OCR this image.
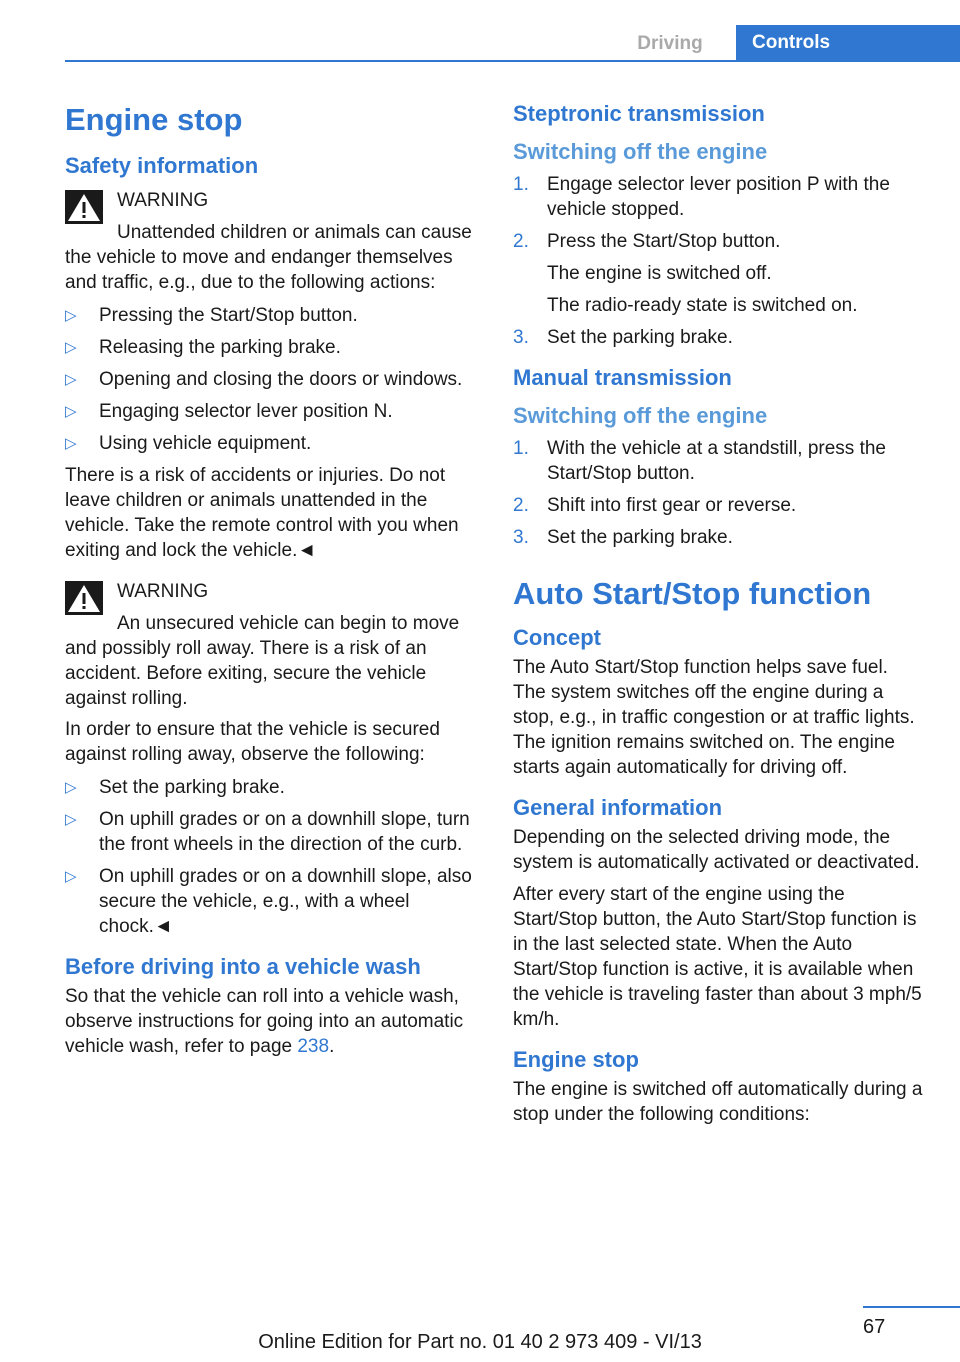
Driving	Controls
Engine stop
Safety information

WARNING

Unattended children or animals can cause the vehicle to move and endanger themselves and traffic, e.g., due to the following actions:

▷ Pressing the Start/Stop button.
▷ Releasing the parking brake.
▷ Opening and closing the doors or windows.
▷ Engaging selector lever position N.
▷ Using vehicle equipment.

There is a risk of accidents or injuries. Do not leave children or animals unattended in the vehicle. Take the remote control with you when exiting and lock the vehicle.◄

WARNING

An unsecured vehicle can begin to move and possibly roll away. There is a risk of an accident. Before exiting, secure the vehicle against rolling.

In order to ensure that the vehicle is secured against rolling away, observe the following:

▷ Set the parking brake.
▷ On uphill grades or on a downhill slope, turn the front wheels in the direction of the curb.
▷ On uphill grades or on a downhill slope, also secure the vehicle, e.g., with a wheel chock.◄
Before driving into a vehicle wash

So that the vehicle can roll into a vehicle wash, observe instructions for going into an automatic vehicle wash, refer to page 238.

Steptronic transmission
Switching off the engine
1. Engage selector lever position P with the vehicle stopped.
2. Press the Start/Stop button.
The engine is switched off.
The radio-ready state is switched on.
3. Set the parking brake.
Manual transmission
Switching off the engine
1. With the vehicle at a standstill, press the Start/Stop button.
2. Shift into first gear or reverse.
3. Set the parking brake.
Auto Start/Stop function
Concept

The Auto Start/Stop function helps save fuel. The system switches off the engine during a stop, e.g., in traffic congestion or at traffic lights. The ignition remains switched on. The engine starts again automatically for driving off.

General information

Depending on the selected driving mode, the system is automatically activated or deactivated.

After every start of the engine using the Start/Stop button, the Auto Start/Stop function is in the last selected state. When the Auto Start/Stop function is active, it is available when the vehicle is traveling faster than about 3 mph/5 km/h.

Engine stop

The engine is switched off automatically during a stop under the following conditions:

67
Online Edition for Part no. 01 40 2 973 409 - VI/13
